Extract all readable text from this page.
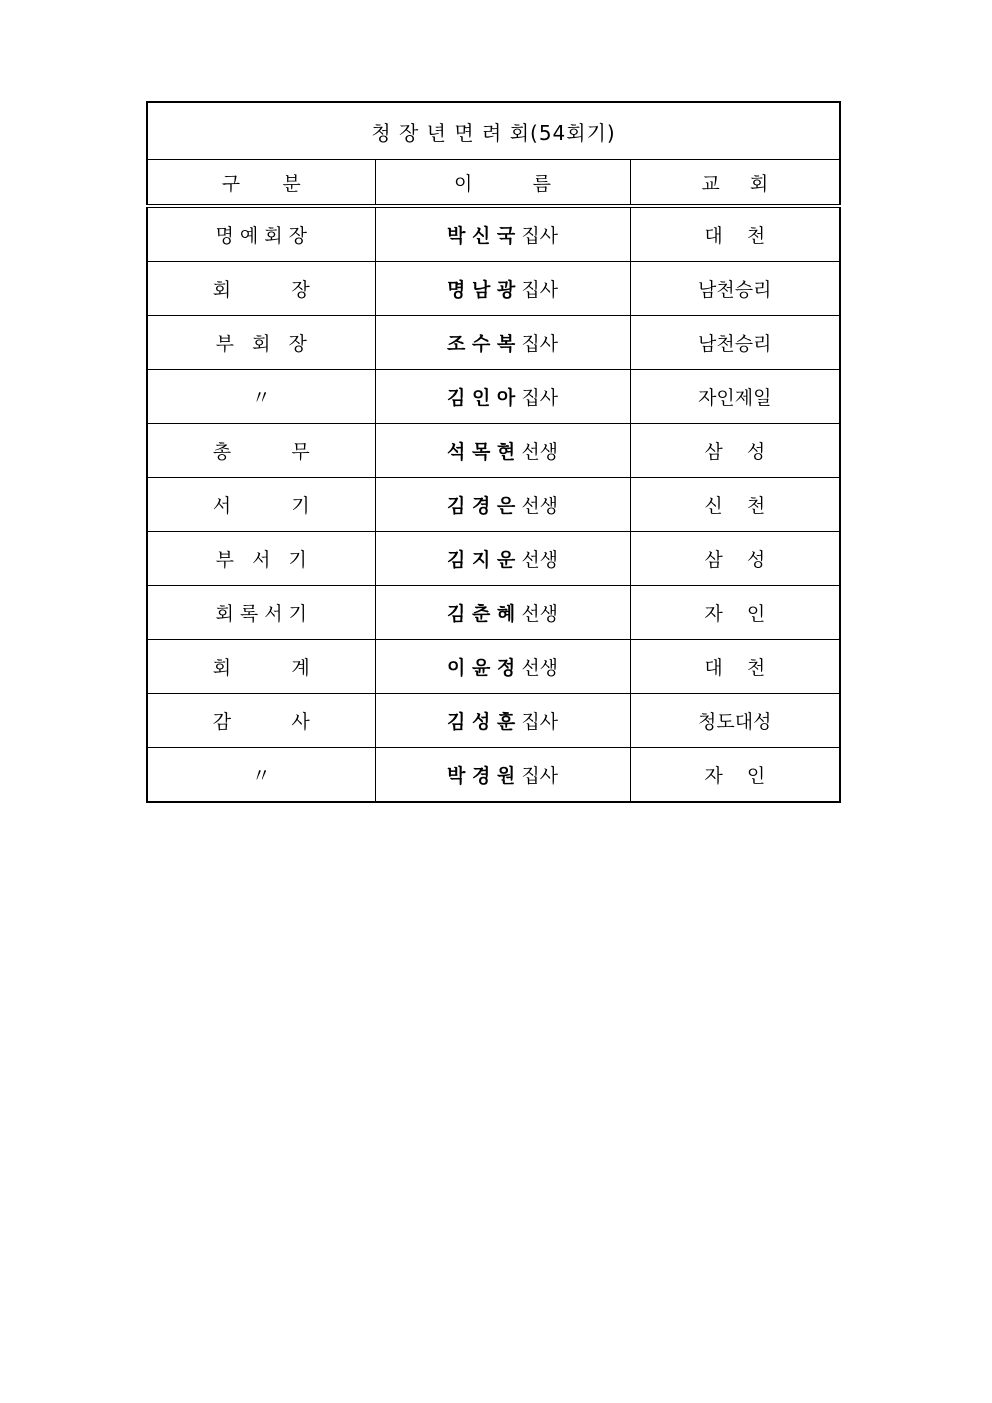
청 장 년 면 려 회(54회기)		
구       분	이          름	교     회
명 예 회 장	박 신 국 집사	대    천
회          장	명 남 광 집사	남천승리
부   회   장	조 수 복 집사	남천승리
〃	김 인 아 집사	자인제일
총          무	석 목 현 선생	삼    성
서          기	김 경 은 선생	신    천
부   서   기	김 지 운 선생	삼    성
회 록 서 기	김 춘 혜 선생	자    인
회          계	이 윤 정 선생	대    천
감          사	김 성 훈 집사	청도대성
〃	박 경 원 집사	자    인
